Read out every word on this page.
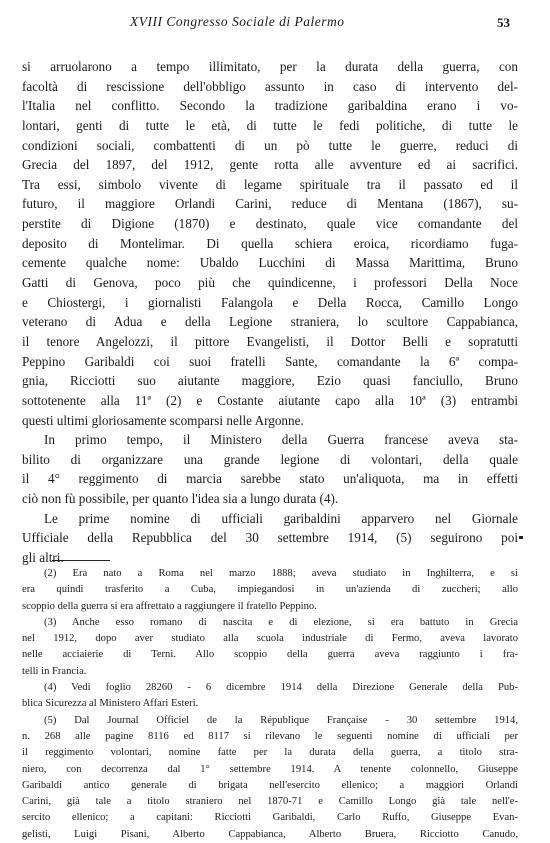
XVIII Congresso Sociale di Palermo	53
si arruolarono a tempo illimitato, per la durata della guerra, con
facoltà di rescissione dell'obbligo assunto in caso di intervento del-
l'Italia nel conflitto. Secondo la tradizione garibaldina erano i vo-
lontari, genti di tutte le età, di tutte le fedi politiche, di tutte le
condizioni sociali, combattenti di un pò tutte le guerre, reduci di
Grecia del 1897, del 1912, gente rotta alle avventure ed ai sacrifici.
Tra essi, simbolo vivente di legame spirituale tra il passato ed il
futuro, il maggiore Orlandi Carini, reduce di Mentana (1867), su-
perstite di Digione (1870) e destinato, quale vice comandante del
deposito di Montelimar. Di quella schiera eroica, ricordiamo fuga-
cemente qualche nome: Ubaldo Lucchini di Massa Marittima, Bruno
Gatti di Genova, poco più che quindicenne, i professori Della Noce
e Chiostergi, i giornalisti Falangola e Della Rocca, Camillo Longo
veterano di Adua e della Legione straniera, lo scultore Cappabianca,
il tenore Angelozzi, il pittore Evangelisti, il Dottor Belli e sopratutti
Peppino Garibaldi coi suoi fratelli Sante, comandante la 6ª compa-
gnia, Ricciotti suo aiutante maggiore, Ezio quasi fanciullo, Bruno
sottotenente alla 11ª (2) e Costante aiutante capo alla 10ª (3) entrambi
questi ultimi gloriosamente scomparsi nelle Argonne.
In primo tempo, il Ministero della Guerra francese aveva sta-
bilito di organizzare una grande legione di volontari, della quale
il 4° reggimento di marcia sarebbe stato un'aliquota, ma in effetti
ciò non fù possibile, per quanto l'idea sia a lungo durata (4).
Le prime nomine di ufficiali garibaldini apparvero nel Giornale
Ufficiale della Repubblica del 30 settembre 1914, (5) seguirono poi
gli altri.
(2) Era nato a Roma nel marzo 1888; aveva studiato in Inghilterra, e si
era quindi trasferito a Cuba, impiegandosi in un'azienda di zuccheri; allo
scoppio della guerra si era affrettato a raggiungere il fratello Peppino.
(3) Anche esso romano di nascita e di elezione, si era battuto in Grecia
nel 1912, dopo aver studiato alla scuola industriale di Fermo, aveva lavorato
nelle acciaierie di Terni. Allo scoppio della guerra aveva raggiunto i fra-
telli in Francia.
(4) Vedi foglio 28260 - 6 dicembre 1914 della Direzione Generale della Pub-
blica Sicurezza al Ministero Affari Esteri.
(5) Dal Journal Officiel de la République Française - 30 settembre 1914,
n. 268 alle pagine 8116 ed 8117 si rilevano le seguenti nomine di ufficiali per
il reggimento volontari, nomine fatte per la durata della guerra, a titolo stra-
niero, con decorrenza dal 1° settembre 1914. A tenente colonnello, Giuseppe
Garibaldi antico generale di brigata nell'esercito ellenico; a maggiori Orlandi
Carini, già tale a titolo straniero nel 1870-71 e Camillo Longo già tale nell'e-
sercito ellenico; a capitani: Ricciotti Garibaldi, Carlo Ruffo, Giuseppe Evan-
gelisti, Luigi Pisani, Alberto Cappabianca, Alberto Bruera, Ricciotto Canudo,
